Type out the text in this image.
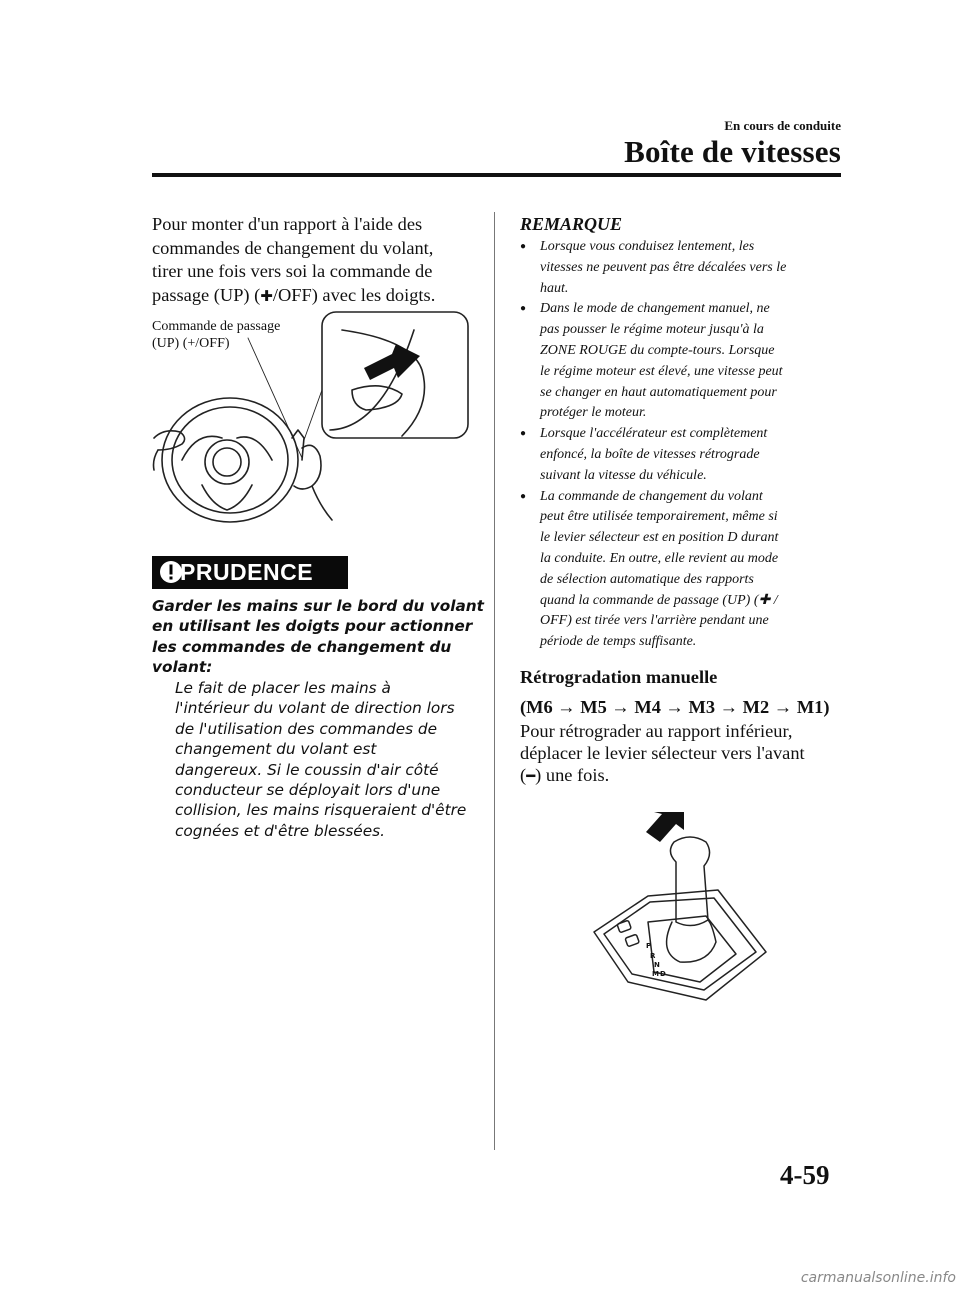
En cours de conduite
Boîte de vitesses
Pour monter d'un rapport à l'aide des
commandes de changement du volant,
tirer une fois vers soi la commande de
passage (UP) (✚/OFF) avec les doigts.
Commande de passage
(UP) (+/OFF)
PRUDENCE
Garder les mains sur le bord du volant
en utilisant les doigts pour actionner
les commandes de changement du
volant:
Le fait de placer les mains à
l'intérieur du volant de direction lors
de l'utilisation des commandes de
changement du volant est
dangereux. Si le coussin d'air côté
conducteur se déployait lors d'une
collision, les mains risqueraient d'être
cognées et d'être blessées.
REMARQUE
● Lorsque vous conduisez lentement, les
vitesses ne peuvent pas être décalées vers le
haut.
● Dans le mode de changement manuel, ne
pas pousser le régime moteur jusqu'à la
ZONE ROUGE du compte-tours. Lorsque
le régime moteur est élevé, une vitesse peut
se changer en haut automatiquement pour
protéger le moteur.
● Lorsque l'accélérateur est complètement
enfoncé, la boîte de vitesses rétrograde
suivant la vitesse du véhicule.
● La commande de changement du volant
peut être utilisée temporairement, même si
le levier sélecteur est en position D durant
la conduite. En outre, elle revient au mode
de sélection automatique des rapports
quand la commande de passage (UP) (✚ /
OFF) est tirée vers l'arrière pendant une
période de temps suffisante.
Rétrogradation manuelle
(M6 → M5 → M4 → M3 → M2 → M1)
Pour rétrograder au rapport inférieur,
déplacer le levier sélecteur vers l'avant
(━) une fois.
P R NDM
4-59
carmanualsonline.info
